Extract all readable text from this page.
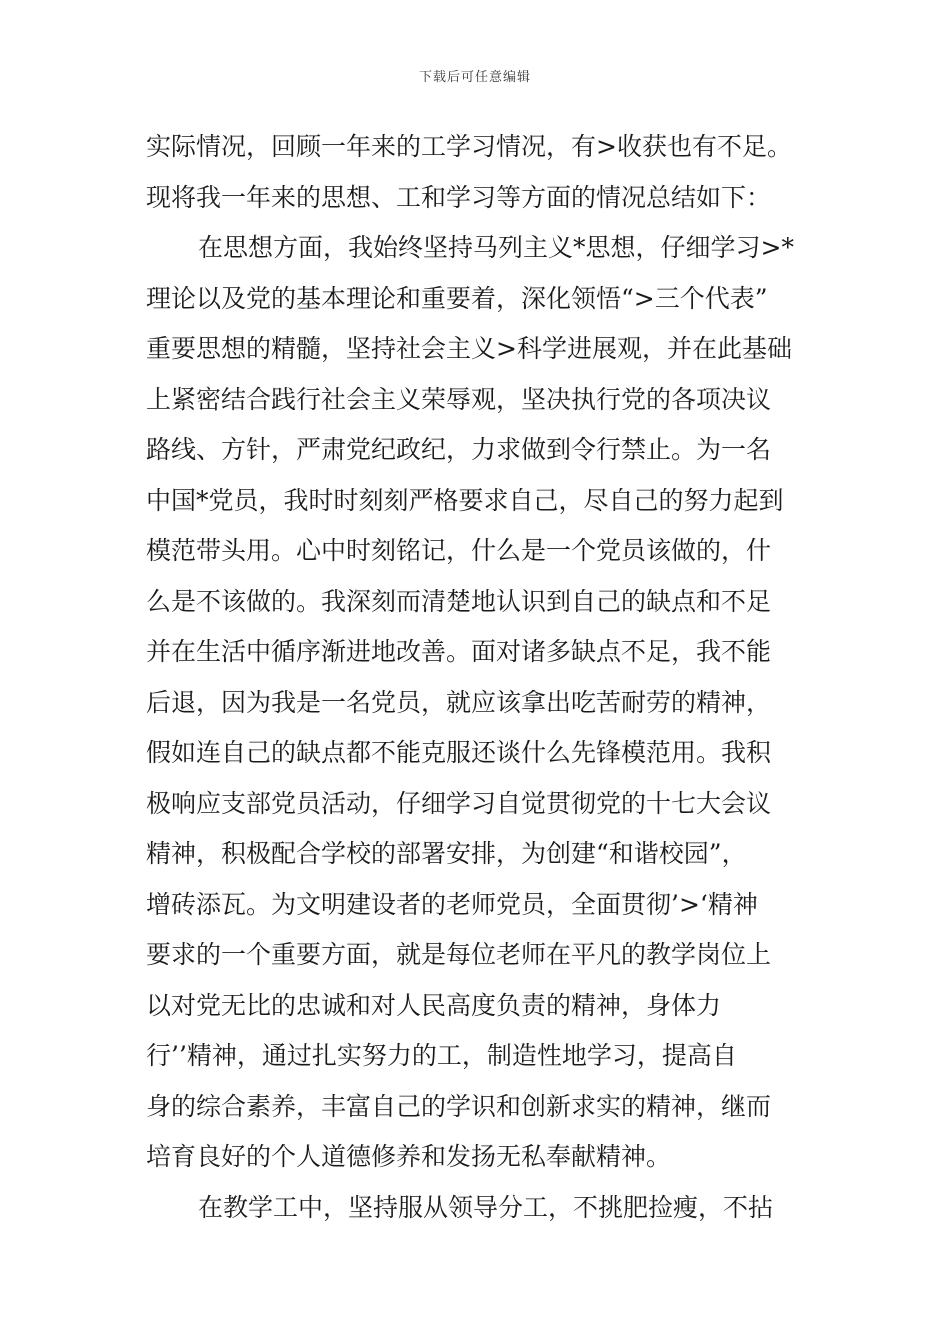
下载后可任意编辑
实际情况，回顾一年来的工学习情况，有>收获也有不足。
现将我一年来的思想、工和学习等方面的情况总结如下：
在思想方面，我始终坚持马列主义*思想，仔细学习>*
理论以及党的基本理论和重要着，深化领悟“>三个代表”
重要思想的精髓，坚持社会主义>科学进展观，并在此基础
上紧密结合践行社会主义荣辱观，坚决执行党的各项决议
路线、方针，严肃党纪政纪，力求做到令行禁止。为一名
中国*党员，我时时刻刻严格要求自己，尽自己的努力起到
模范带头用。心中时刻铭记，什么是一个党员该做的，什
么是不该做的。我深刻而清楚地认识到自己的缺点和不足
并在生活中循序渐进地改善。面对诸多缺点不足，我不能
后退，因为我是一名党员，就应该拿出吃苦耐劳的精神，
假如连自己的缺点都不能克服还谈什么先锋模范用。我积
极响应支部党员活动，仔细学习自觉贯彻党的十七大会议
精神，积极配合学校的部署安排，为创建“和谐校园”，
增砖添瓦。为文明建设者的老师党员，全面贯彻’>‘精神
要求的一个重要方面，就是每位老师在平凡的教学岗位上
以对党无比的忠诚和对人民高度负责的精神，身体力
行’’精神，通过扎实努力的工，制造性地学习，提高自
身的综合素养，丰富自己的学识和创新求实的精神，继而
培育良好的个人道德修养和发扬无私奉献精神。
在教学工中，坚持服从领导分工，不挑肥捡瘦，不拈
